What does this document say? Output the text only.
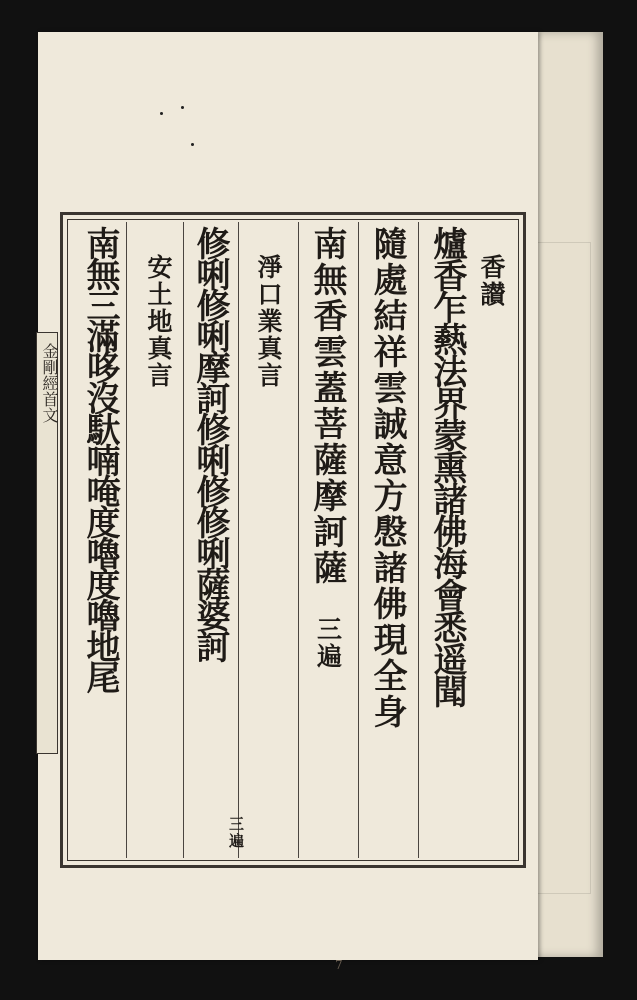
金剛經首文
香讃
爐香乍爇法界蒙熏諸佛海會悉遥聞
隨處結祥雲誠意方慇諸佛現全身
南無香雲蓋菩薩摩訶薩
三遍
淨口業真言
修唎修唎摩訶修唎修修唎薩婆訶
三遍
安土地真言
南無三滿哆沒馱喃唵度嚕度嚕地尾
7
